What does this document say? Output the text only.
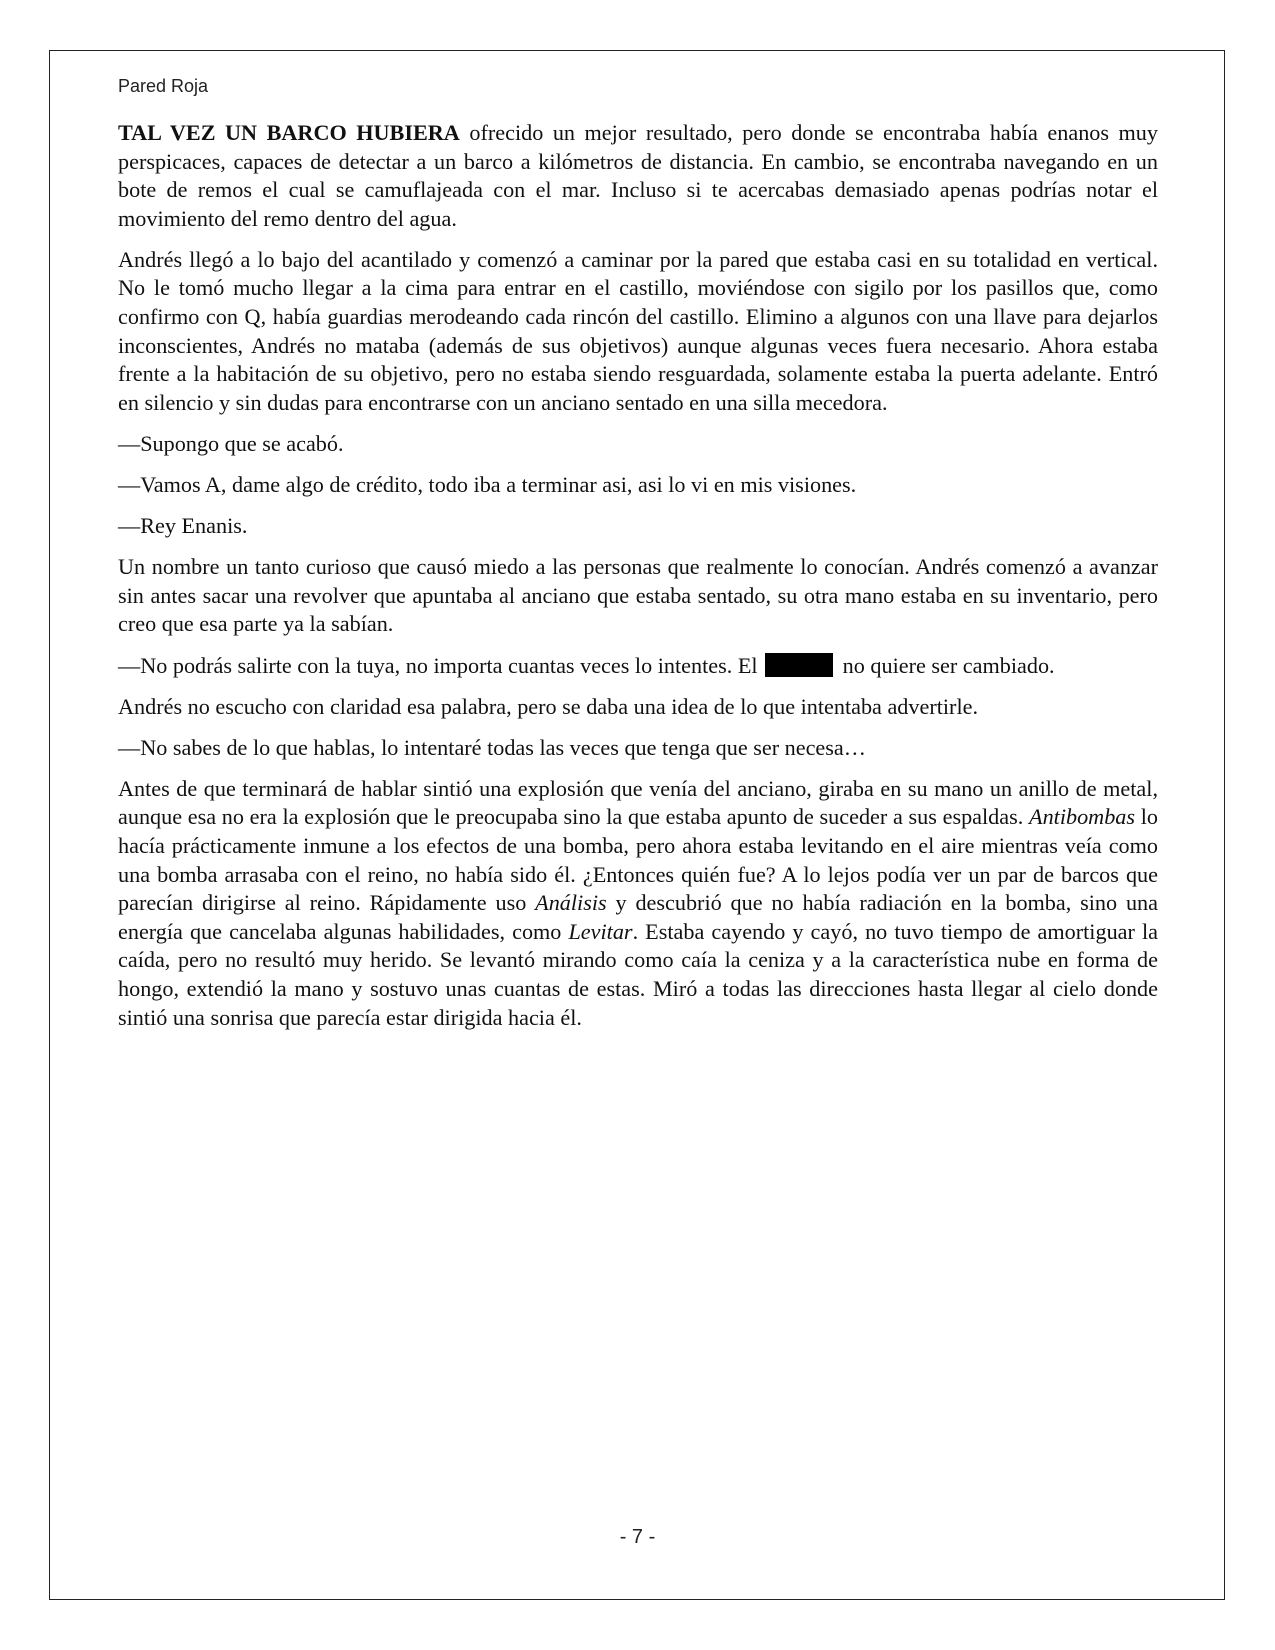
Pared Roja

TAL VEZ UN BARCO HUBIERA ofrecido un mejor resultado, pero donde se encontraba había enanos muy perspicaces, capaces de detectar a un barco a kilómetros de distancia. En cambio, se encontraba navegando en un bote de remos el cual se camuflajeada con el mar. Incluso si te acercabas demasiado apenas podrías notar el movimiento del remo dentro del agua.

Andrés llegó a lo bajo del acantilado y comenzó a caminar por la pared que estaba casi en su totalidad en vertical. No le tomó mucho llegar a la cima para entrar en el castillo, moviéndose con sigilo por los pasillos que, como confirmo con Q, había guardias merodeando cada rincón del castillo. Elimino a algunos con una llave para dejarlos inconscientes, Andrés no mataba (además de sus objetivos) aunque algunas veces fuera necesario. Ahora estaba frente a la habitación de su objetivo, pero no estaba siendo resguardada, solamente estaba la puerta adelante. Entró en silencio y sin dudas para encontrarse con un anciano sentado en una silla mecedora.

—Supongo que se acabó.

—Vamos A, dame algo de crédito, todo iba a terminar asi, asi lo vi en mis visiones.

—Rey Enanis.

Un nombre un tanto curioso que causó miedo a las personas que realmente lo conocían. Andrés comenzó a avanzar sin antes sacar una revolver que apuntaba al anciano que estaba sentado, su otra mano estaba en su inventario, pero creo que esa parte ya la sabían.

—No podrás salirte con la tuya, no importa cuantas veces lo intentes. El	no quiere ser cambiado.

Andrés no escucho con claridad esa palabra, pero se daba una idea de lo que intentaba advertirle.

—No sabes de lo que hablas, lo intentaré todas las veces que tenga que ser necesa…

Antes de que terminará de hablar sintió una explosión que venía del anciano, giraba en su mano un anillo de metal, aunque esa no era la explosión que le preocupaba sino la que estaba apunto de suceder a sus espaldas. Antibombas lo hacía prácticamente inmune a los efectos de una bomba, pero ahora estaba levitando en el aire mientras veía como una bomba arrasaba con el reino, no había sido él. ¿Entonces quién fue? A lo lejos podía ver un par de barcos que parecían dirigirse al reino. Rápidamente uso Análisis y descubrió que no había radiación en la bomba, sino una energía que cancelaba algunas habilidades, como Levitar. Estaba cayendo y cayó, no tuvo tiempo de amortiguar la caída, pero no resultó muy herido. Se levantó mirando como caía la ceniza y a la característica nube en forma de hongo, extendió la mano y sostuvo unas cuantas de estas. Miró a todas las direcciones hasta llegar al cielo donde sintió una sonrisa que parecía estar dirigida hacia él.

- 7 -
